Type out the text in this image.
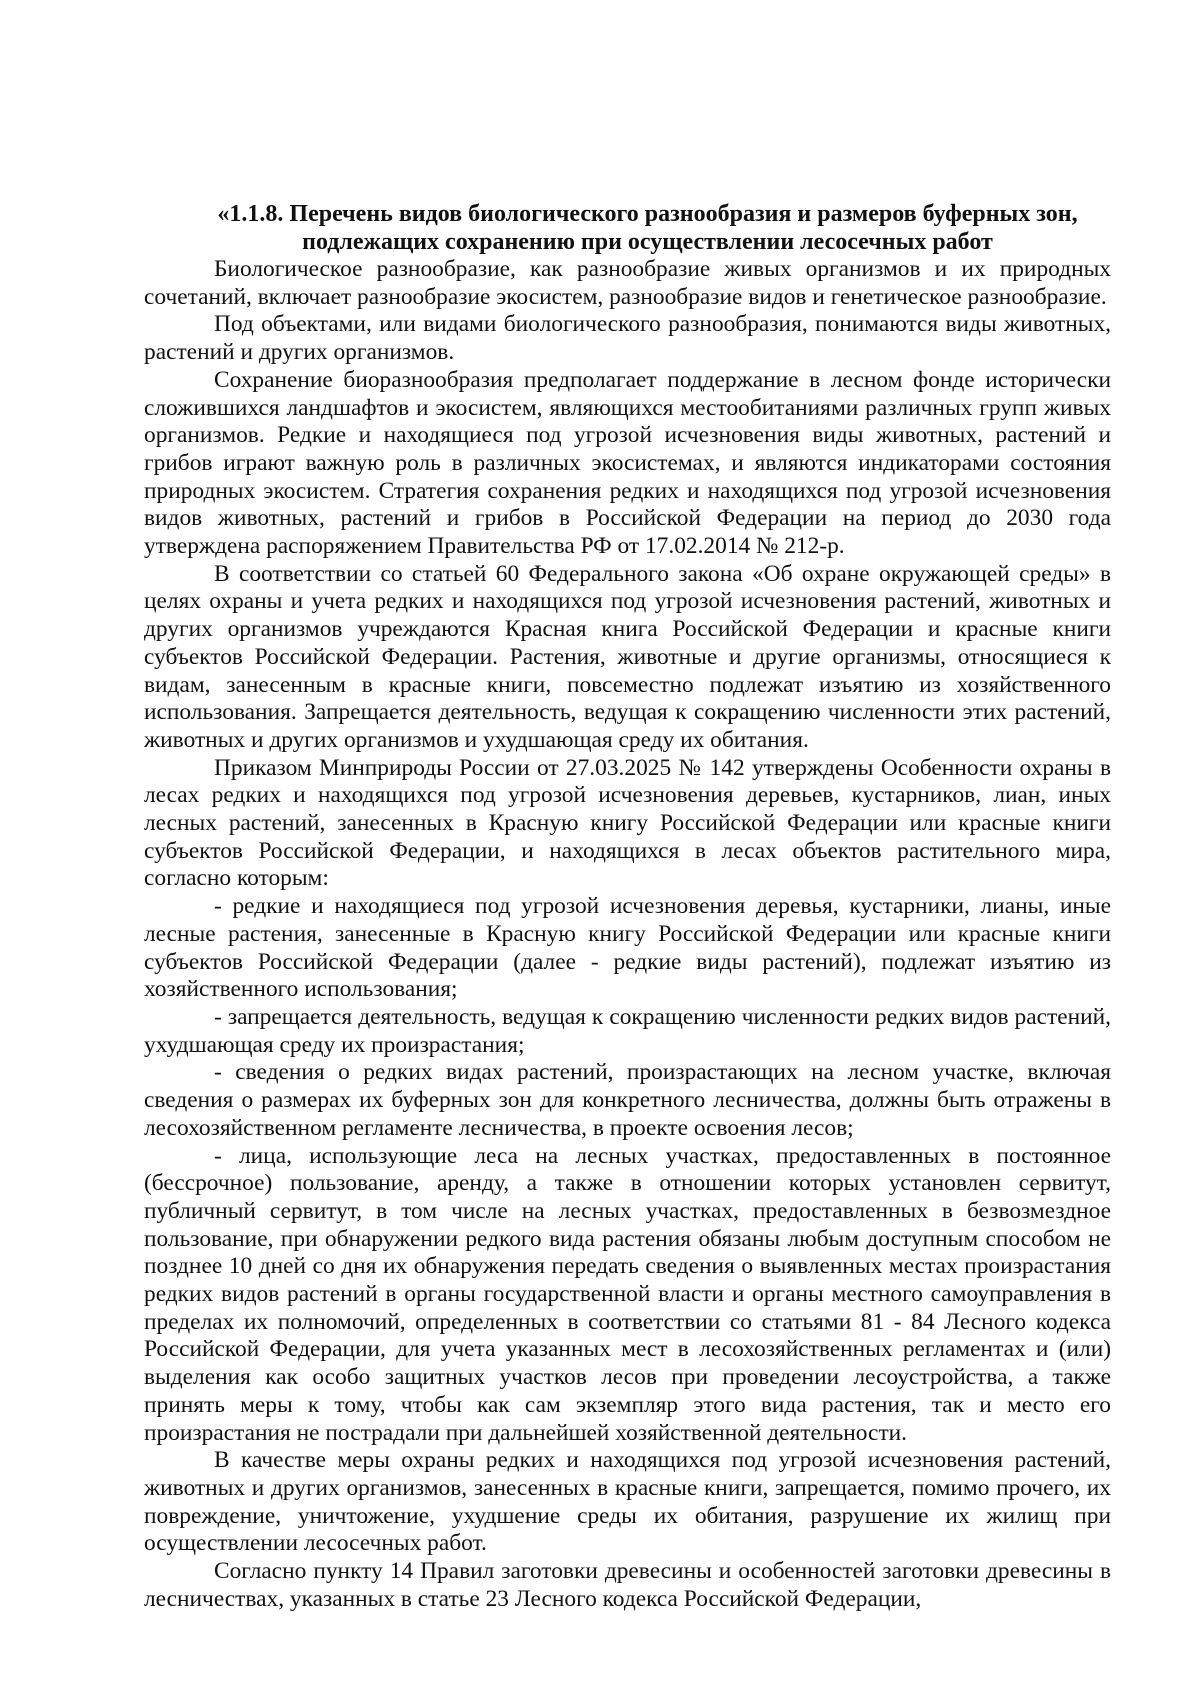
«1.1.8. Перечень видов биологического разнообразия и размеров буферных зон,
подлежащих сохранению при осуществлении лесосечных работ

Биологическое разнообразие, как разнообразие живых организмов и их природных сочетаний, включает разнообразие экосистем, разнообразие видов и генетическое разнообразие.

Под объектами, или видами биологического разнообразия, понимаются виды животных, растений и других организмов.

Сохранение биоразнообразия предполагает поддержание в лесном фонде исторически сложившихся ландшафтов и экосистем, являющихся местообитаниями различных групп живых организмов. Редкие и находящиеся под угрозой исчезновения виды животных, растений и грибов играют важную роль в различных экосистемах, и являются индикаторами состояния природных экосистем. Стратегия сохранения редких и находящихся под угрозой исчезновения видов животных, растений и грибов в Российской Федерации на период до 2030 года утверждена распоряжением Правительства РФ от 17.02.2014 № 212-р.

В соответствии со статьей 60 Федерального закона «Об охране окружающей среды» в целях охраны и учета редких и находящихся под угрозой исчезновения растений, животных и других организмов учреждаются Красная книга Российской Федерации и красные книги субъектов Российской Федерации. Растения, животные и другие организмы, относящиеся к видам, занесенным в красные книги, повсеместно подлежат изъятию из хозяйственного использования. Запрещается деятельность, ведущая к сокращению численности этих растений, животных и других организмов и ухудшающая среду их обитания.

Приказом Минприроды России от 27.03.2025 № 142 утверждены Особенности охраны в лесах редких и находящихся под угрозой исчезновения деревьев, кустарников, лиан, иных лесных растений, занесенных в Красную книгу Российской Федерации или красные книги субъектов Российской Федерации, и находящихся в лесах объектов растительного мира, согласно которым:

- редкие и находящиеся под угрозой исчезновения деревья, кустарники, лианы, иные лесные растения, занесенные в Красную книгу Российской Федерации или красные книги субъектов Российской Федерации (далее - редкие виды растений), подлежат изъятию из хозяйственного использования;

- запрещается деятельность, ведущая к сокращению численности редких видов растений, ухудшающая среду их произрастания;

- сведения о редких видах растений, произрастающих на лесном участке, включая сведения о размерах их буферных зон для конкретного лесничества, должны быть отражены в лесохозяйственном регламенте лесничества, в проекте освоения лесов;

- лица, использующие леса на лесных участках, предоставленных в постоянное (бессрочное) пользование, аренду, а также в отношении которых установлен сервитут, публичный сервитут, в том числе на лесных участках, предоставленных в безвозмездное пользование, при обнаружении редкого вида растения обязаны любым доступным способом не позднее 10 дней со дня их обнаружения передать сведения о выявленных местах произрастания редких видов растений в органы государственной власти и органы местного самоуправления в пределах их полномочий, определенных в соответствии со статьями 81 - 84 Лесного кодекса Российской Федерации, для учета указанных мест в лесохозяйственных регламентах и (или) выделения как особо защитных участков лесов при проведении лесоустройства, а также принять меры к тому, чтобы как сам экземпляр этого вида растения, так и место его произрастания не пострадали при дальнейшей хозяйственной деятельности.

В качестве меры охраны редких и находящихся под угрозой исчезновения растений, животных и других организмов, занесенных в красные книги, запрещается, помимо прочего, их повреждение, уничтожение, ухудшение среды их обитания, разрушение их жилищ при осуществлении лесосечных работ.

Согласно пункту 14 Правил заготовки древесины и особенностей заготовки древесины в лесничествах, указанных в статье 23 Лесного кодекса Российской Федерации,
